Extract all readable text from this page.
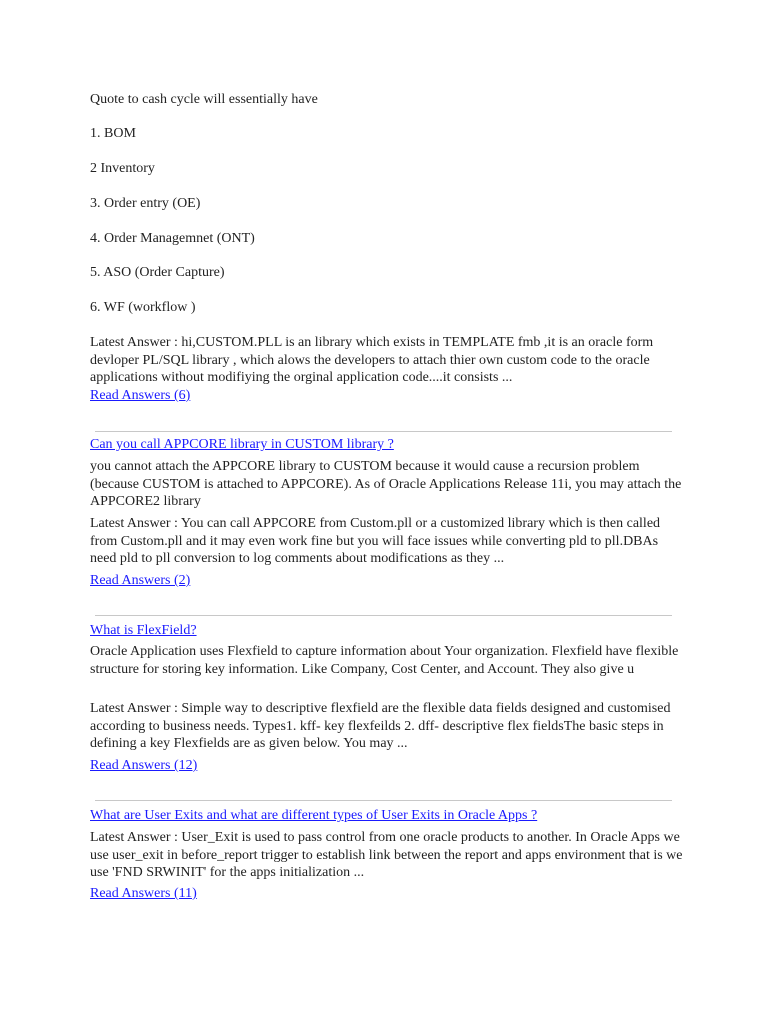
Quote to cash cycle will essentially have
1. BOM
2 Inventory
3. Order entry (OE)
4. Order Managemnet (ONT)
5. ASO (Order Capture)
6. WF (workflow )
Latest Answer : hi,CUSTOM.PLL is an library which exists in TEMPLATE fmb ,it is an oracle form devloper PL/SQL library , which alows the developers to attach thier own custom code to the oracle applications without modifiying the orginal application code....it consists ...
Read Answers (6)
Can you call APPCORE library in CUSTOM library ?
you cannot attach the APPCORE library to CUSTOM because it would cause a recursion problem (because CUSTOM is attached to APPCORE). As of Oracle Applications Release 11i, you may attach the APPCORE2 library
Latest Answer : You can call APPCORE from Custom.pll or a customized library which is then called from Custom.pll and it may even work fine but you will face issues while converting pld to pll.DBAs need pld to pll conversion to log comments about modifications as they ...
Read Answers (2)
What is FlexField?
Oracle Application uses Flexfield to capture information about Your organization. Flexfield have flexible structure for storing key information. Like Company, Cost Center, and Account. They also give u
Latest Answer : Simple way to descriptive flexfield are the flexible data fields designed and customised according to business needs. Types1. kff- key flexfeilds 2. dff- descriptive flex fieldsThe basic steps in defining a key Flexfields are as given below. You may ...
Read Answers (12)
What are User Exits and what are different types of User Exits in Oracle Apps ?
Latest Answer : User_Exit is used to pass control from one oracle products to another. In Oracle Apps we use user_exit in before_report trigger to establish link between the report and apps environment that is we use 'FND SRWINIT' for the apps initialization ...
Read Answers (11)
